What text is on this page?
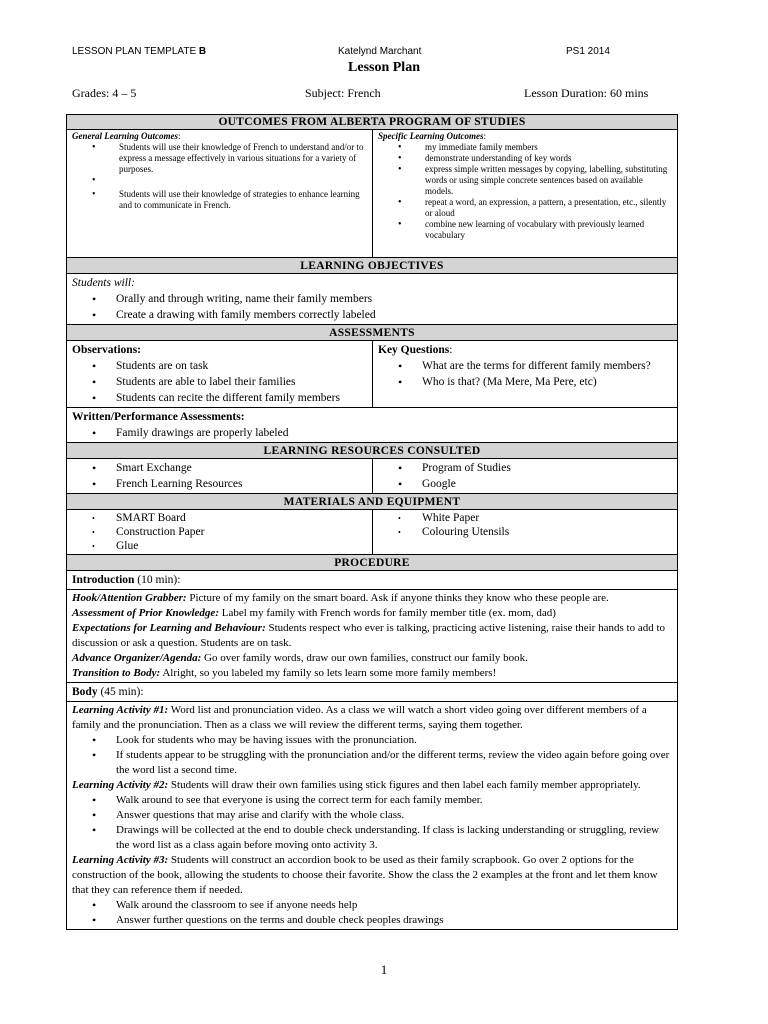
LESSON PLAN TEMPLATE B	Katelynd Marchant	PS1 2014
Lesson Plan
Grades: 4 – 5	Subject: French	Lesson Duration: 60 mins
OUTCOMES FROM ALBERTA PROGRAM OF STUDIES
General Learning Outcomes:
• Students will use their knowledge of French to understand and/or to express a message effectively in various situations for a variety of purposes.
•
• Students will use their knowledge of strategies to enhance learning and to communicate in French.
Specific Learning Outcomes:
• my immediate family members
• demonstrate understanding of key words
• express simple written messages by copying, labelling, substituting words or using simple concrete sentences based on available models.
• repeat a word, an expression, a pattern, a presentation, etc., silently or aloud
• combine new learning of vocabulary with previously learned vocabulary
LEARNING OBJECTIVES
Students will:
• Orally and through writing, name their family members
• Create a drawing with family members correctly labeled
ASSESSMENTS
Observations:
• Students are on task
• Students are able to label their families
• Students can recite the different family members
Key Questions:
• What are the terms for different family members?
• Who is that? (Ma Mere, Ma Pere, etc)
Written/Performance Assessments:
• Family drawings are properly labeled
LEARNING RESOURCES CONSULTED
• Smart Exchange
• French Learning Resources
• Program of Studies
• Google
MATERIALS AND EQUIPMENT
• SMART Board
• Construction Paper
• Glue
• White Paper
• Colouring Utensils
PROCEDURE
Introduction (10 min):
Hook/Attention Grabber: Picture of my family on the smart board. Ask if anyone thinks they know who these people are.
Assessment of Prior Knowledge: Label my family with French words for family member title (ex. mom, dad)
Expectations for Learning and Behaviour: Students respect who ever is talking, practicing active listening, raise their hands to add to discussion or ask a question. Students are on task.
Advance Organizer/Agenda: Go over family words, draw our own families, construct our family book.
Transition to Body: Alright, so you labeled my family so lets learn some more family members!
Body (45 min):
Learning Activity #1: Word list and pronunciation video. As a class we will watch a short video going over different members of a family and the pronunciation. Then as a class we will review the different terms, saying them together.
• Look for students who may be having issues with the pronunciation.
• If students appear to be struggling with the pronunciation and/or the different terms, review the video again before going over the word list a second time.
Learning Activity #2: Students will draw their own families using stick figures and then label each family member appropriately.
• Walk around to see that everyone is using the correct term for each family member.
• Answer questions that may arise and clarify with the whole class.
• Drawings will be collected at the end to double check understanding. If class is lacking understanding or struggling, review the word list as a class again before moving onto activity 3.
Learning Activity #3: Students will construct an accordion book to be used as their family scrapbook. Go over 2 options for the construction of the book, allowing the students to choose their favorite. Show the class the 2 examples at the front and let them know that they can reference them if needed.
• Walk around the classroom to see if anyone needs help
• Answer further questions on the terms and double check peoples drawings
1
